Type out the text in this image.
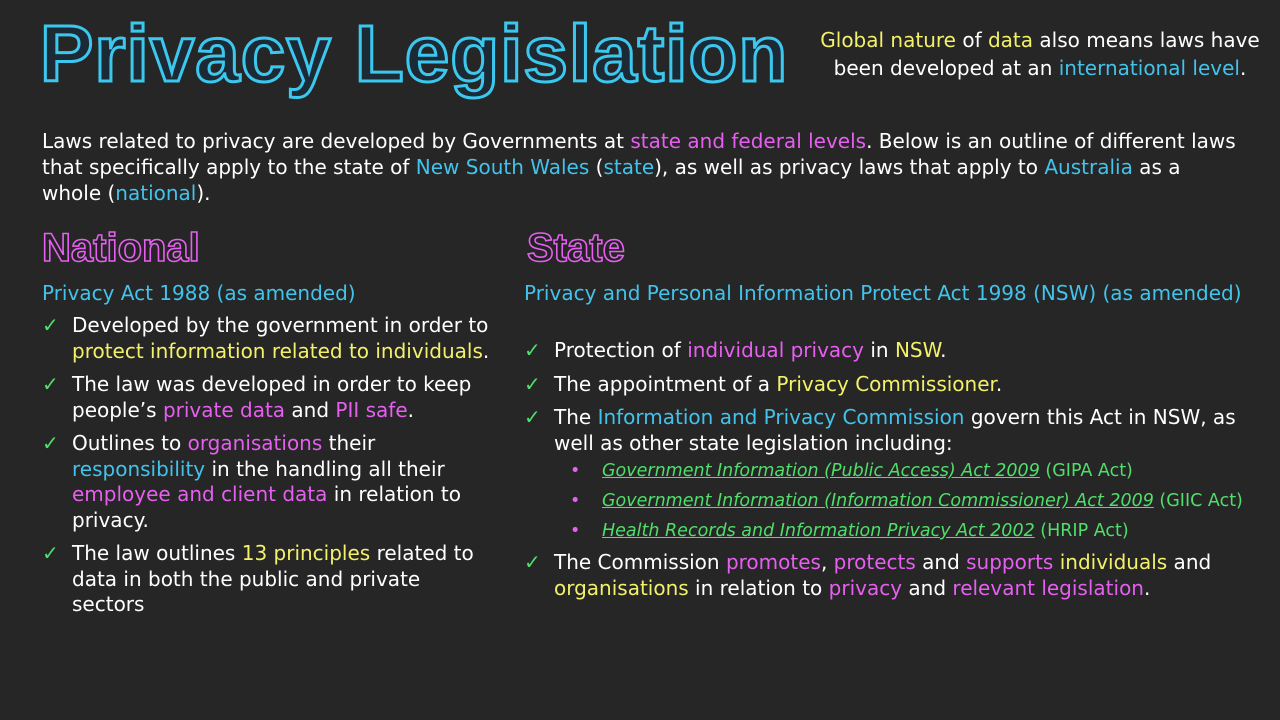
Privacy Legislation Global nature of data also means laws have been developed at an international level.
Laws related to privacy are developed by Governments at state and federal levels. Below is an outline of different laws that specifically apply to the state of New South Wales (state), as well as privacy laws that apply to Australia as a whole (national).
National
Privacy Act 1988 (as amended)
✓ Developed by the government in order to protect information related to individuals.
✓ The law was developed in order to keep people’s private data and PII safe.
✓ Outlines to organisations their responsibility in the handling all their employee and client data in relation to privacy.
✓ The law outlines 13 principles related to data in both the public and private sectors
State
Privacy and Personal Information Protect Act 1998 (NSW) (as amended)
✓ Protection of individual privacy in NSW.
✓ The appointment of a Privacy Commissioner.
✓ The Information and Privacy Commission govern this Act in NSW, as well as other state legislation including:
• Government Information (Public Access) Act 2009 (GIPA Act)
• Government Information (Information Commissioner) Act 2009 (GIIC Act)
• Health Records and Information Privacy Act 2002 (HRIP Act)
✓ The Commission promotes, protects and supports individuals and organisations in relation to privacy and relevant legislation.
